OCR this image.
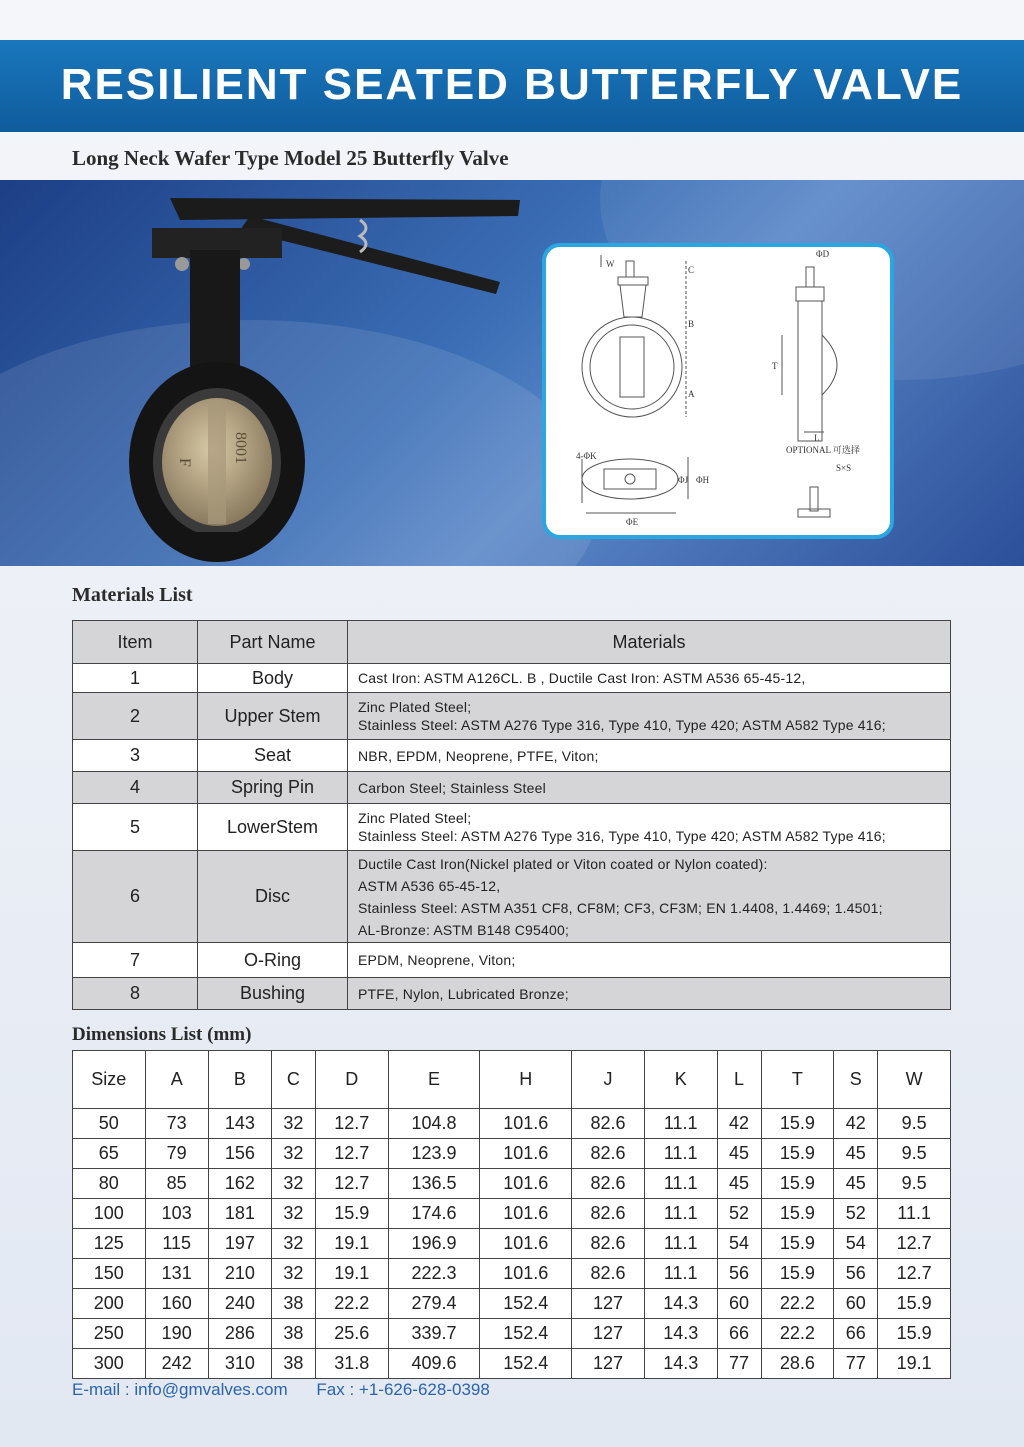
RESILIENT SEATED BUTTERFLY VALVE
Long Neck Wafer Type Model 25 Butterfly Valve
F 8001
W
C
B
A
ΦD
T
L
OPTIONAL 可选择
S×S
4-ΦK
ΦJ ΦH
ΦE
Materials List
Item	Part Name	Materials
1	Body	Cast Iron: ASTM A126CL. B , Ductile Cast Iron: ASTM A536 65-45-12,

2	Upper Stem	Zinc Plated Steel;
Stainless Steel: ASTM A276 Type 316, Type 410, Type 420; ASTM A582 Type 416;

3	Seat	NBR, EPDM, Neoprene, PTFE, Viton;

4	Spring Pin	Carbon Steel; Stainless Steel

5	LowerStem	Zinc Plated Steel;
Stainless Steel: ASTM A276 Type 316, Type 410, Type 420; ASTM A582 Type 416;

6	Disc	Ductile Cast Iron(Nickel plated or Viton coated or Nylon coated):
ASTM A536 65-45-12,
Stainless Steel: ASTM A351 CF8, CF8M; CF3, CF3M; EN 1.4408, 1.4469; 1.4501;
AL-Bronze: ASTM B148 C95400;

7	O-Ring	EPDM, Neoprene, Viton;

8	Bushing	PTFE, Nylon, Lubricated Bronze;
Dimensions List (mm)
Size	A	B	C	D	E	H	J	K	L	T	S	W
50	73	143	32	12.7	104.8	101.6	82.6	11.1	42	15.9	42	9.5
65	79	156	32	12.7	123.9	101.6	82.6	11.1	45	15.9	45	9.5
80	85	162	32	12.7	136.5	101.6	82.6	11.1	45	15.9	45	9.5
100	103	181	32	15.9	174.6	101.6	82.6	11.1	52	15.9	52	11.1
125	115	197	32	19.1	196.9	101.6	82.6	11.1	54	15.9	54	12.7
150	131	210	32	19.1	222.3	101.6	82.6	11.1	56	15.9	56	12.7
200	160	240	38	22.2	279.4	152.4	127	14.3	60	22.2	60	15.9
250	190	286	38	25.6	339.7	152.4	127	14.3	66	22.2	66	15.9
300	242	310	38	31.8	409.6	152.4	127	14.3	77	28.6	77	19.1
E-mail : info@gmvalves.com Fax : +1-626-628-0398
